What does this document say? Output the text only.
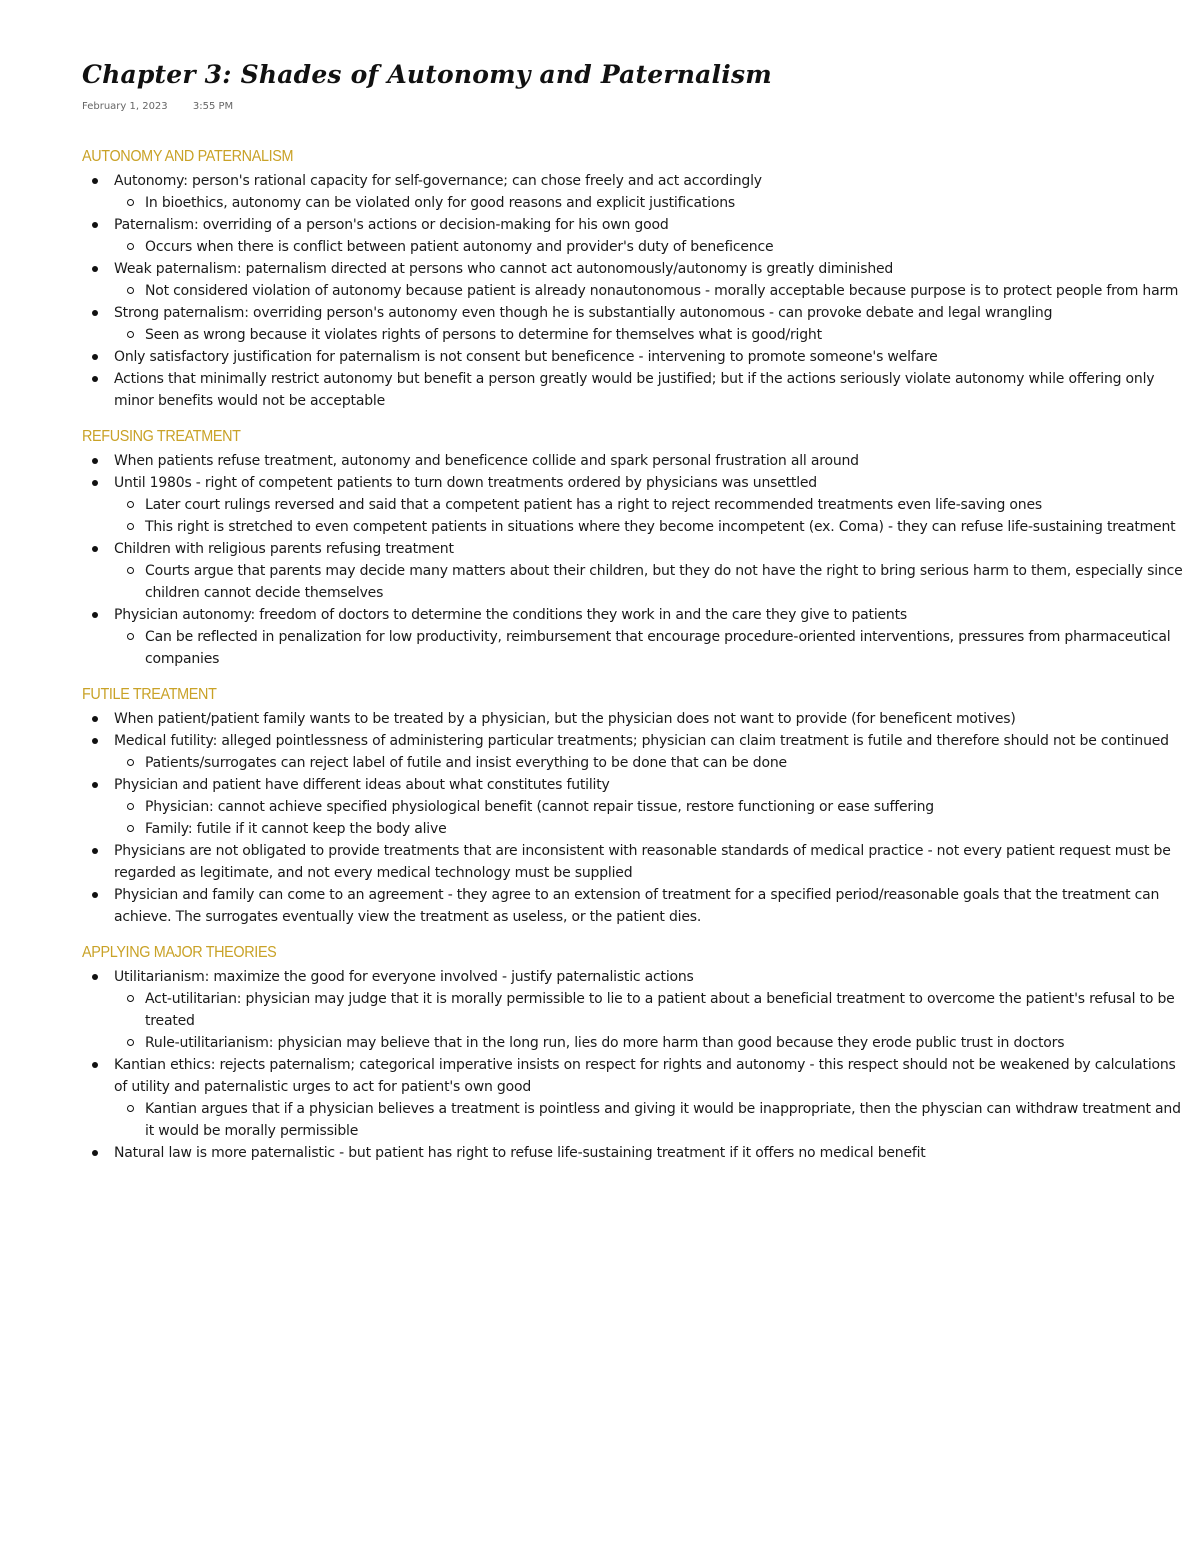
Chapter 3: Shades of Autonomy and Paternalism
February 1, 2023	3:55 PM
AUTONOMY AND PATERNALISM
Autonomy: person's rational capacity for self-governance; can chose freely and act accordingly
In bioethics, autonomy can be violated only for good reasons and explicit justifications
Paternalism: overriding of a person's actions or decision-making for his own good
Occurs when there is conflict between patient autonomy and provider's duty of beneficence
Weak paternalism: paternalism directed at persons who cannot act autonomously/autonomy is greatly diminished
Not considered violation of autonomy because patient is already nonautonomous - morally acceptable because purpose is to protect people from harm
Strong paternalism: overriding person's autonomy even though he is substantially autonomous - can provoke debate and legal wrangling
Seen as wrong because it violates rights of persons to determine for themselves what is good/right
Only satisfactory justification for paternalism is not consent but beneficence - intervening to promote someone's welfare
Actions that minimally restrict autonomy but benefit a person greatly would be justified; but if the actions seriously violate autonomy while offering only minor benefits would not be acceptable
REFUSING TREATMENT
When patients refuse treatment, autonomy and beneficence collide and spark personal frustration all around
Until 1980s - right of competent patients to turn down treatments ordered by physicians was unsettled
Later court rulings reversed and said that a competent patient has a right to reject recommended treatments even life-saving ones
This right is stretched to even competent patients in situations where they become incompetent (ex. Coma) - they can refuse life-sustaining treatment
Children with religious parents refusing treatment
Courts argue that parents may decide many matters about their children, but they do not have the right to bring serious harm to them, especially since children cannot decide themselves
Physician autonomy: freedom of doctors to determine the conditions they work in and the care they give to patients
Can be reflected in penalization for low productivity, reimbursement that encourage procedure-oriented interventions, pressures from pharmaceutical companies
FUTILE TREATMENT
When patient/patient family wants to be treated by a physician, but the physician does not want to provide (for beneficent motives)
Medical futility: alleged pointlessness of administering particular treatments; physician can claim treatment is futile and therefore should not be continued
Patients/surrogates can reject label of futile and insist everything to be done that can be done
Physician and patient have different ideas about what constitutes futility
Physician: cannot achieve specified physiological benefit (cannot repair tissue, restore functioning or ease suffering
Family: futile if it cannot keep the body alive
Physicians are not obligated to provide treatments that are inconsistent with reasonable standards of medical practice - not every patient request must be regarded as legitimate, and not every medical technology must be supplied
Physician and family can come to an agreement - they agree to an extension of treatment for a specified period/reasonable goals that the treatment can achieve. The surrogates eventually view the treatment as useless, or the patient dies.
APPLYING MAJOR THEORIES
Utilitarianism: maximize the good for everyone involved - justify paternalistic actions
Act-utilitarian: physician may judge that it is morally permissible to lie to a patient about a beneficial treatment to overcome the patient's refusal to be treated
Rule-utilitarianism: physician may believe that in the long run, lies do more harm than good because they erode public trust in doctors
Kantian ethics: rejects paternalism; categorical imperative insists on respect for rights and autonomy - this respect should not be weakened by calculations of utility and paternalistic urges to act for patient's own good
Kantian argues that if a physician believes a treatment is pointless and giving it would be inappropriate, then the physcian can withdraw treatment and it would be morally permissible
Natural law is more paternalistic - but patient has right to refuse life-sustaining treatment if it offers no medical benefit
